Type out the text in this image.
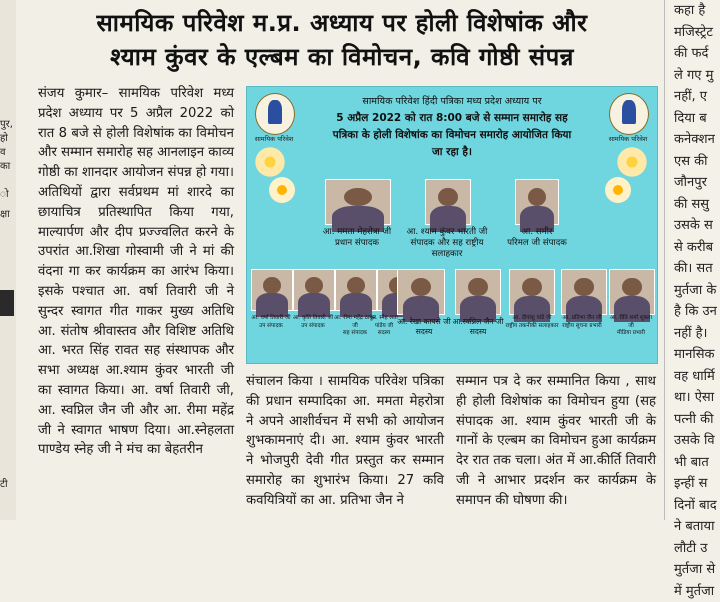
पुर,
हो
व
का
ो
क्षा
टी
सामयिक परिवेश म.प्र. अध्याय पर होली विशेषांक और
श्याम कुंवर के एल्बम का विमोचन, कवि गोष्ठी संपन्न

संजय कुमार– सामयिक परिवेश मध्य प्रदेश अध्याय पर 5 अप्रैल 2022 को रात 8 बजे से होली विशेषांक का विमोचन और सम्मान समारोह सह आनलाइन काव्य गोष्ठी का शानदार आयोजन संपन्न हो गया। अतिथियों द्वारा सर्वप्रथम मां शारदे का छायाचित्र प्रतिस्थापित किया गया, माल्यार्पण और दीप प्रज्ज्वलित करने के उपरांत आ.शिखा गोस्वामी जी ने मां की वंदना गा कर कार्यक्रम का आरंभ किया। इसके पश्चात आ. वर्षा तिवारी जी ने सुन्दर स्वागत गीत गाकर मुख्य अतिथि आ. संतोष श्रीवास्तव और विशिष्ट अतिथि आ. भरत सिंह रावत सह संस्थापक और सभा अध्यक्ष आ.श्याम कुंवर भारती जी का स्वागत किया। आ. वर्षा तिवारी जी, आ. स्वप्निल जैन जी और आ. रीमा महेंद्र जी ने स्वागत भाषण दिया। आ.स्नेहलता पाण्डेय स्नेह जी ने मंच का बेहतरीन

सामयिक परिवेश	सामयिक परिवेश
सामयिक परिवेश हिंदी पत्रिका मध्य प्रदेश अध्याय पर
5 अप्रैल 2022 को रात 8:00 बजे से सम्मान समारोह सह
पत्रिका के होली विशेषांक का विमोचन समारोह आयोजित किया
जा रहा है।
आ. ममता मेहरोत्रा जी
प्रधान संपादक
आ. श्याम कुंवर भारती जी
संपादक और सह राष्ट्रीय सलाहकार
आ. समीर
परिमल जी संपादक
आ. वर्षा तिवारी जी
उप संपादक
आ. कृति तिवारी जी
उप संपादक
आ. रीमा महेंद्र ठाकुर जी
सह संपादक
आ. स्नेह लता पांडेय जी
सदस्य
आ. रेखा कापसे जी
सदस्य
आ.स्वप्निल जैन जी
सदस्य
आ. दीपांशु पांडे जी
राष्ट्रीय तकनीकी सलाहकार
आ. प्रतिभा जैन जी
राष्ट्रीय सूचना प्रभारी
आ. रीति शर्मा शुक्ला जी
मीडिया प्रभारी

संचालन किया । सामयिक परिवेश पत्रिका की प्रधान सम्पादिका आ. ममता मेहरोत्रा ने अपने आशीर्वचन में सभी को आयोजन शुभकामनाएं दी। आ. श्याम कुंवर भारती ने भोजपुरी देवी गीत प्रस्तुत कर सम्मान समारोह का शुभारंभ किया। 27 कवि कवयित्रियों का आ. प्रतिभा जैन ने

सम्मान पत्र दे कर सम्मानित किया , साथ ही होली विशेषांक का विमोचन हुया (सह संपादक आ. श्याम कुंवर भारती जी के गानों के एल्बम का विमोचन हुआ कार्यक्रम देर रात तक चला। अंत में आ.कीर्ति तिवारी जी ने आभार प्रदर्शन कर कार्यक्रम के समापन की घोषणा की।

कहा है

मजिस्ट्रेट

की फर्द

ले गए मु

नहीं, ए

दिया ब

कनेक्शन

एस की

जौनपुर

की ससु

उसके स

से करीब

की। सत

मुर्तजा के

है कि उन

नहीं है।

मानसिक

वह धार्मि

था। ऐसा

पत्नी की

उसके वि

भी बात

इन्हीं स

दिनों बाद

ने बताया

लौटी उ

मुर्तजा से

में मुर्तजा
